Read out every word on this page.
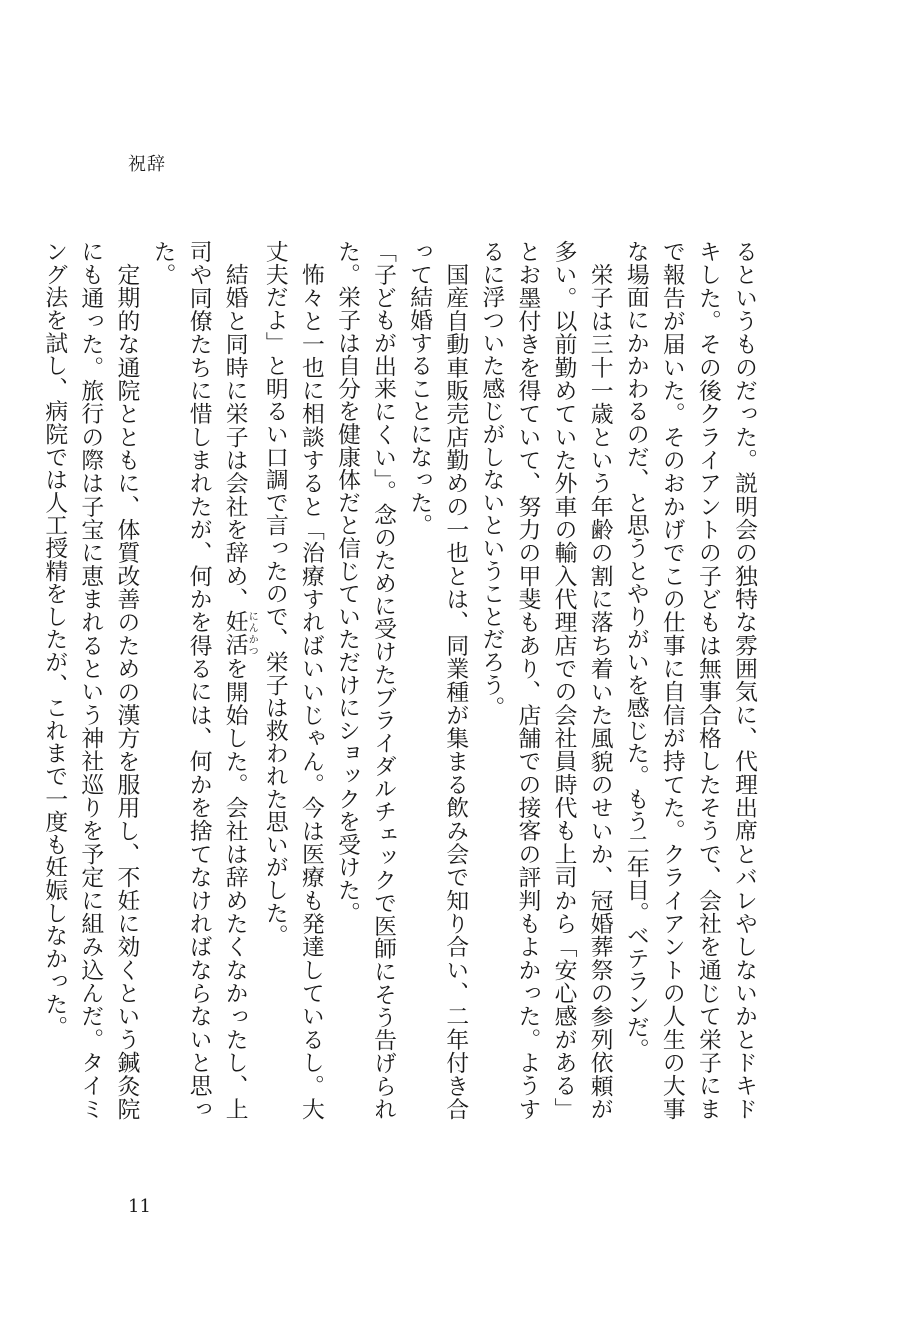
祝辞

るというものだった。説明会の独特な雰囲気に、代理出席とバレやしないかとドキドキした。その後クライアントの子どもは無事合格したそうで、会社を通じて栄子にまで報告が届いた。そのおかげでこの仕事に自信が持てた。クライアントの人生の大事な場面にかかわるのだ、と思うとやりがいを感じた。もう二年目。ベテランだ。

栄子は三十一歳という年齢の割に落ち着いた風貌のせいか、冠婚葬祭の参列依頼が多い。以前勤めていた外車の輸入代理店での会社員時代も上司から「安心感がある」とお墨付きを得ていて、努力の甲斐もあり、店舗での接客の評判もよかった。ようするに浮ついた感じがしないということだろう。

国産自動車販売店勤めの一也とは、同業種が集まる飲み会で知り合い、二年付き合って結婚することになった。

「子どもが出来にくい」。念のために受けたブライダルチェックで医師にそう告げられた。栄子は自分を健康体だと信じていただけにショックを受けた。

怖々と一也に相談すると「治療すればいいじゃん。今は医療も発達しているし。大丈夫だよ」と明るい口調で言ったので、栄子は救われた思いがした。

結婚と同時に栄子は会社を辞め、妊活にんかつを開始した。会社は辞めたくなかったし、上司や同僚たちに惜しまれたが、何かを得るには、何かを捨てなければならないと思った。

定期的な通院とともに、体質改善のための漢方を服用し、不妊に効くという鍼灸院にも通った。旅行の際は子宝に恵まれるという神社巡りを予定に組み込んだ。タイミング法を試し、病院では人工授精をしたが、これまで一度も妊娠しなかった。

11
